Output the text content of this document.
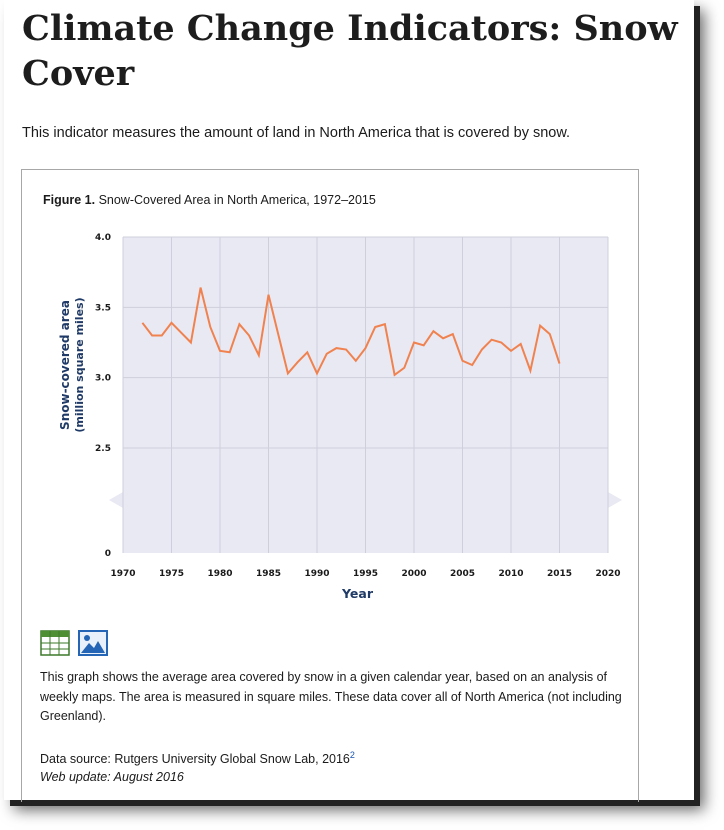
Climate Change Indicators: Snow Cover
This indicator measures the amount of land in North America that is covered by snow.
Figure 1. Snow-Covered Area in North America, 1972–2015
1970	1975	1980	1985	1990	1995	2000	2005	2010	2015	2020
0
2.5
3.0
3.5
4.0
Year
Snow-covered area (million square miles)

This graph shows the average area covered by snow in a given calendar year, based on an analysis of weekly maps. The area is measured in square miles. These data cover all of North America (not including Greenland).
Data source: Rutgers University Global Snow Lab, 2016$^2$
Web update: August 2016
